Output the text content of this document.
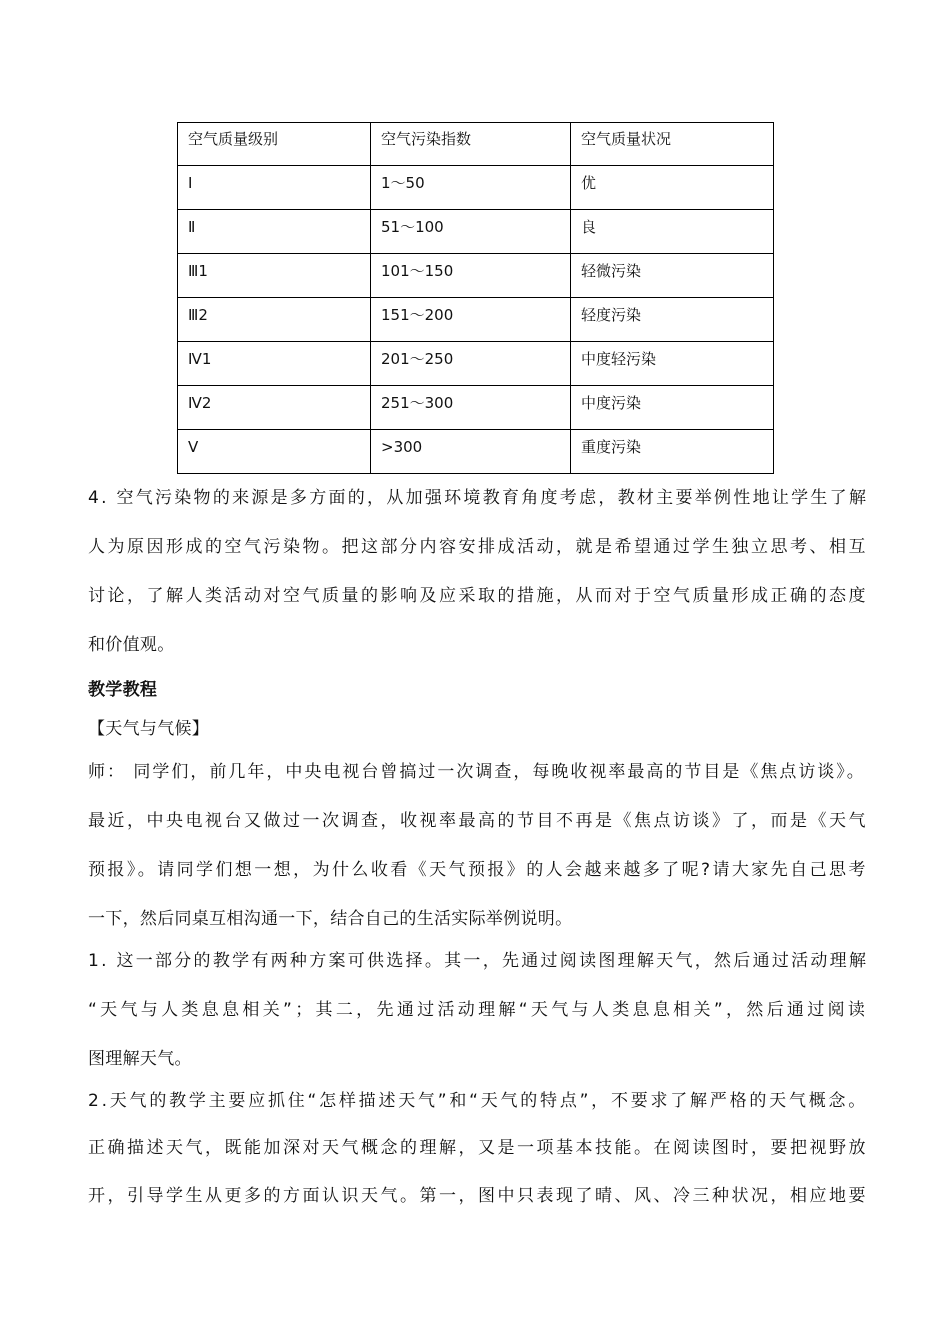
空气质量级别	空气污染指数	空气质量状况
Ⅰ	1～50	优
Ⅱ	51～100	良
Ⅲ1	101～150	轻微污染
Ⅲ2	151～200	轻度污染
Ⅳ1	201～250	中度轻污染
Ⅳ2	251～300	中度污染
Ⅴ	>300	重度污染
4. 空气污染物的来源是多方面的，从加强环境教育角度考虑，教材主要举例性地让学生了解
人为原因形成的空气污染物。把这部分内容安排成活动，就是希望通过学生独立思考、相互
讨论，了解人类活动对空气质量的影响及应采取的措施，从而对于空气质量形成正确的态度
和价值观。
教学教程
【天气与气候】
师： 同学们，前几年，中央电视台曾搞过一次调查，每晚收视率最高的节目是《焦点访谈》。
最近，中央电视台又做过一次调查，收视率最高的节目不再是《焦点访谈》了，而是《天气
预报》。请同学们想一想，为什么收看《天气预报》的人会越来越多了呢?请大家先自己思考
一下，然后同桌互相沟通一下，结合自己的生活实际举例说明。
1. 这一部分的教学有两种方案可供选择。其一，先通过阅读图理解天气，然后通过活动理解
“天气与人类息息相关”；其二，先通过活动理解“天气与人类息息相关”，然后通过阅读
图理解天气。
2.天气的教学主要应抓住“怎样描述天气”和“天气的特点”，不要求了解严格的天气概念。
正确描述天气，既能加深对天气概念的理解，又是一项基本技能。在阅读图时，要把视野放
开，引导学生从更多的方面认识天气。第一，图中只表现了晴、风、冷三种状况，相应地要
